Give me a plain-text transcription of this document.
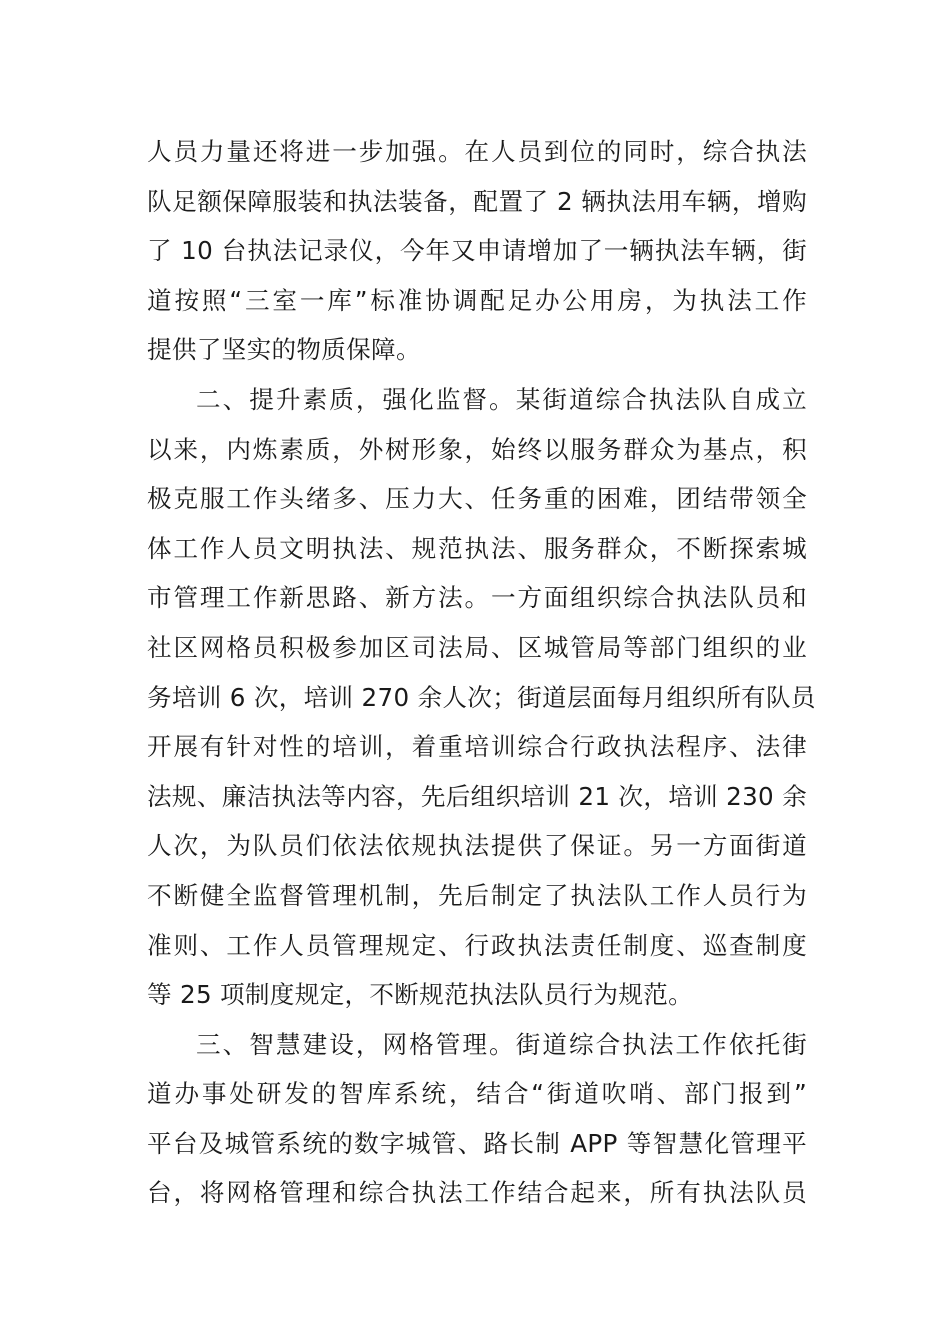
人员力量还将进一步加强。在人员到位的同时，综合执法
队足额保障服装和执法装备，配置了 2 辆执法用车辆，增购
了 10 台执法记录仪，今年又申请增加了一辆执法车辆，街
道按照“三室一库”标准协调配足办公用房，为执法工作
提供了坚实的物质保障。
二、提升素质，强化监督。某街道综合执法队自成立
以来，内炼素质，外树形象，始终以服务群众为基点，积
极克服工作头绪多、压力大、任务重的困难，团结带领全
体工作人员文明执法、规范执法、服务群众，不断探索城
市管理工作新思路、新方法。一方面组织综合执法队员和
社区网格员积极参加区司法局、区城管局等部门组织的业
务培训 6 次，培训 270 余人次；街道层面每月组织所有队员
开展有针对性的培训，着重培训综合行政执法程序、法律
法规、廉洁执法等内容，先后组织培训 21 次，培训 230 余
人次，为队员们依法依规执法提供了保证。另一方面街道
不断健全监督管理机制，先后制定了执法队工作人员行为
准则、工作人员管理规定、行政执法责任制度、巡查制度
等 25 项制度规定，不断规范执法队员行为规范。
三、智慧建设，网格管理。街道综合执法工作依托街
道办事处研发的智库系统，结合“街道吹哨、部门报到”
平台及城管系统的数字城管、路长制 APP 等智慧化管理平
台，将网格管理和综合执法工作结合起来，所有执法队员
